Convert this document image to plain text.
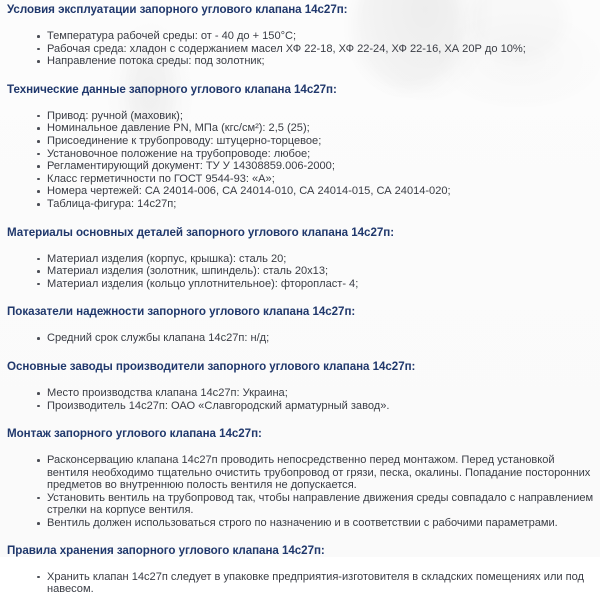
Условия эксплуатации запорного углового клапана 14с27п:
Температура рабочей среды: от - 40 до + 150°С;
Рабочая среда: хладон с содержанием масел ХФ 22-18, ХФ 22-24, ХФ 22-16, ХА 20Р до 10%;
Направление потока среды: под золотник;
Технические данные запорного углового клапана 14с27п:
Привод: ручной (маховик);
Номинальное давление PN, МПа (кгс/см²): 2,5 (25);
Присоединение к трубопроводу: штуцерно-торцевое;
Установочное положение на трубопроводе: любое;
Регламентирующий документ: ТУ У 14308859.006-2000;
Класс герметичности по ГОСТ 9544-93: «А»;
Номера чертежей: СА 24014-006, СА 24014-010, СА 24014-015, СА 24014-020;
Таблица-фигура: 14с27п;
Материалы основных деталей запорного углового клапана 14с27п:
Материал изделия (корпус, крышка): сталь 20;
Материал изделия (золотник, шпиндель): сталь 20х13;
Материал изделия (кольцо уплотнительное): фторопласт- 4;
Показатели надежности запорного углового клапана 14с27п:
Средний срок службы клапана 14с27п: н/д;
Основные заводы производители запорного углового клапана 14с27п:
Место производства клапана 14с27п: Украина;
Производитель 14с27п: ОАО «Славгородский арматурный завод».
Монтаж запорного углового клапана 14с27п:
Расконсервацию клапана 14с27п проводить непосредственно перед монтажом. Перед установкой вентиля необходимо тщательно очистить трубопровод от грязи, песка, окалины. Попадание посторонних предметов во внутреннюю полость вентиля не допускается.
Установить вентиль на трубопровод так, чтобы направление движения среды совпадало с направлением стрелки на корпусе вентиля.
Вентиль должен использоваться строго по назначению и в соответствии с рабочими параметрами.
Правила хранения запорного углового клапана 14с27п:
Хранить клапан 14с27п следует в упаковке предприятия-изготовителя в складских помещениях или под навесом.
